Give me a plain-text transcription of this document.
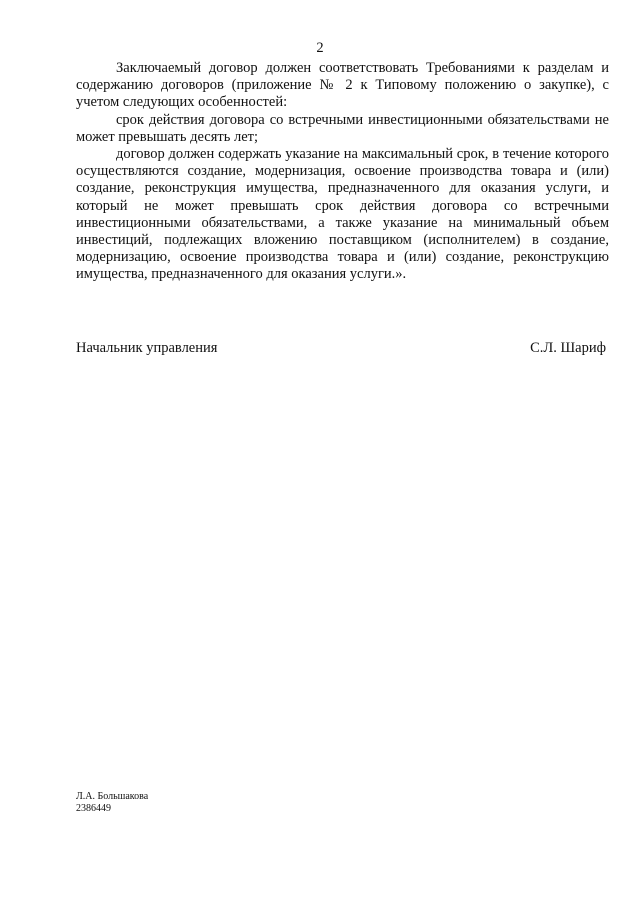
2

Заключаемый договор должен соответствовать Требованиями к разделам и содержанию договоров (приложение № 2 к Типовому положению о закупке), с учетом следующих особенностей:

срок действия договора со встречными инвестиционными обязательствами не может превышать десять лет;

договор должен содержать указание на максимальный срок, в течение которого осуществляются создание, модернизация, освоение производства товара и (или) создание, реконструкция имущества, предназначенного для оказания услуги, и который не может превышать срок действия договора со встречными инвестиционными обязательствами, а также указание на минимальный объем инвестиций, подлежащих вложению поставщиком (исполнителем) в создание, модернизацию, освоение производства товара и (или) создание, реконструкцию имущества, предназначенного для оказания услуги.».

Начальник управления	С.Л. Шариф
Л.А. Большакова
2386449
